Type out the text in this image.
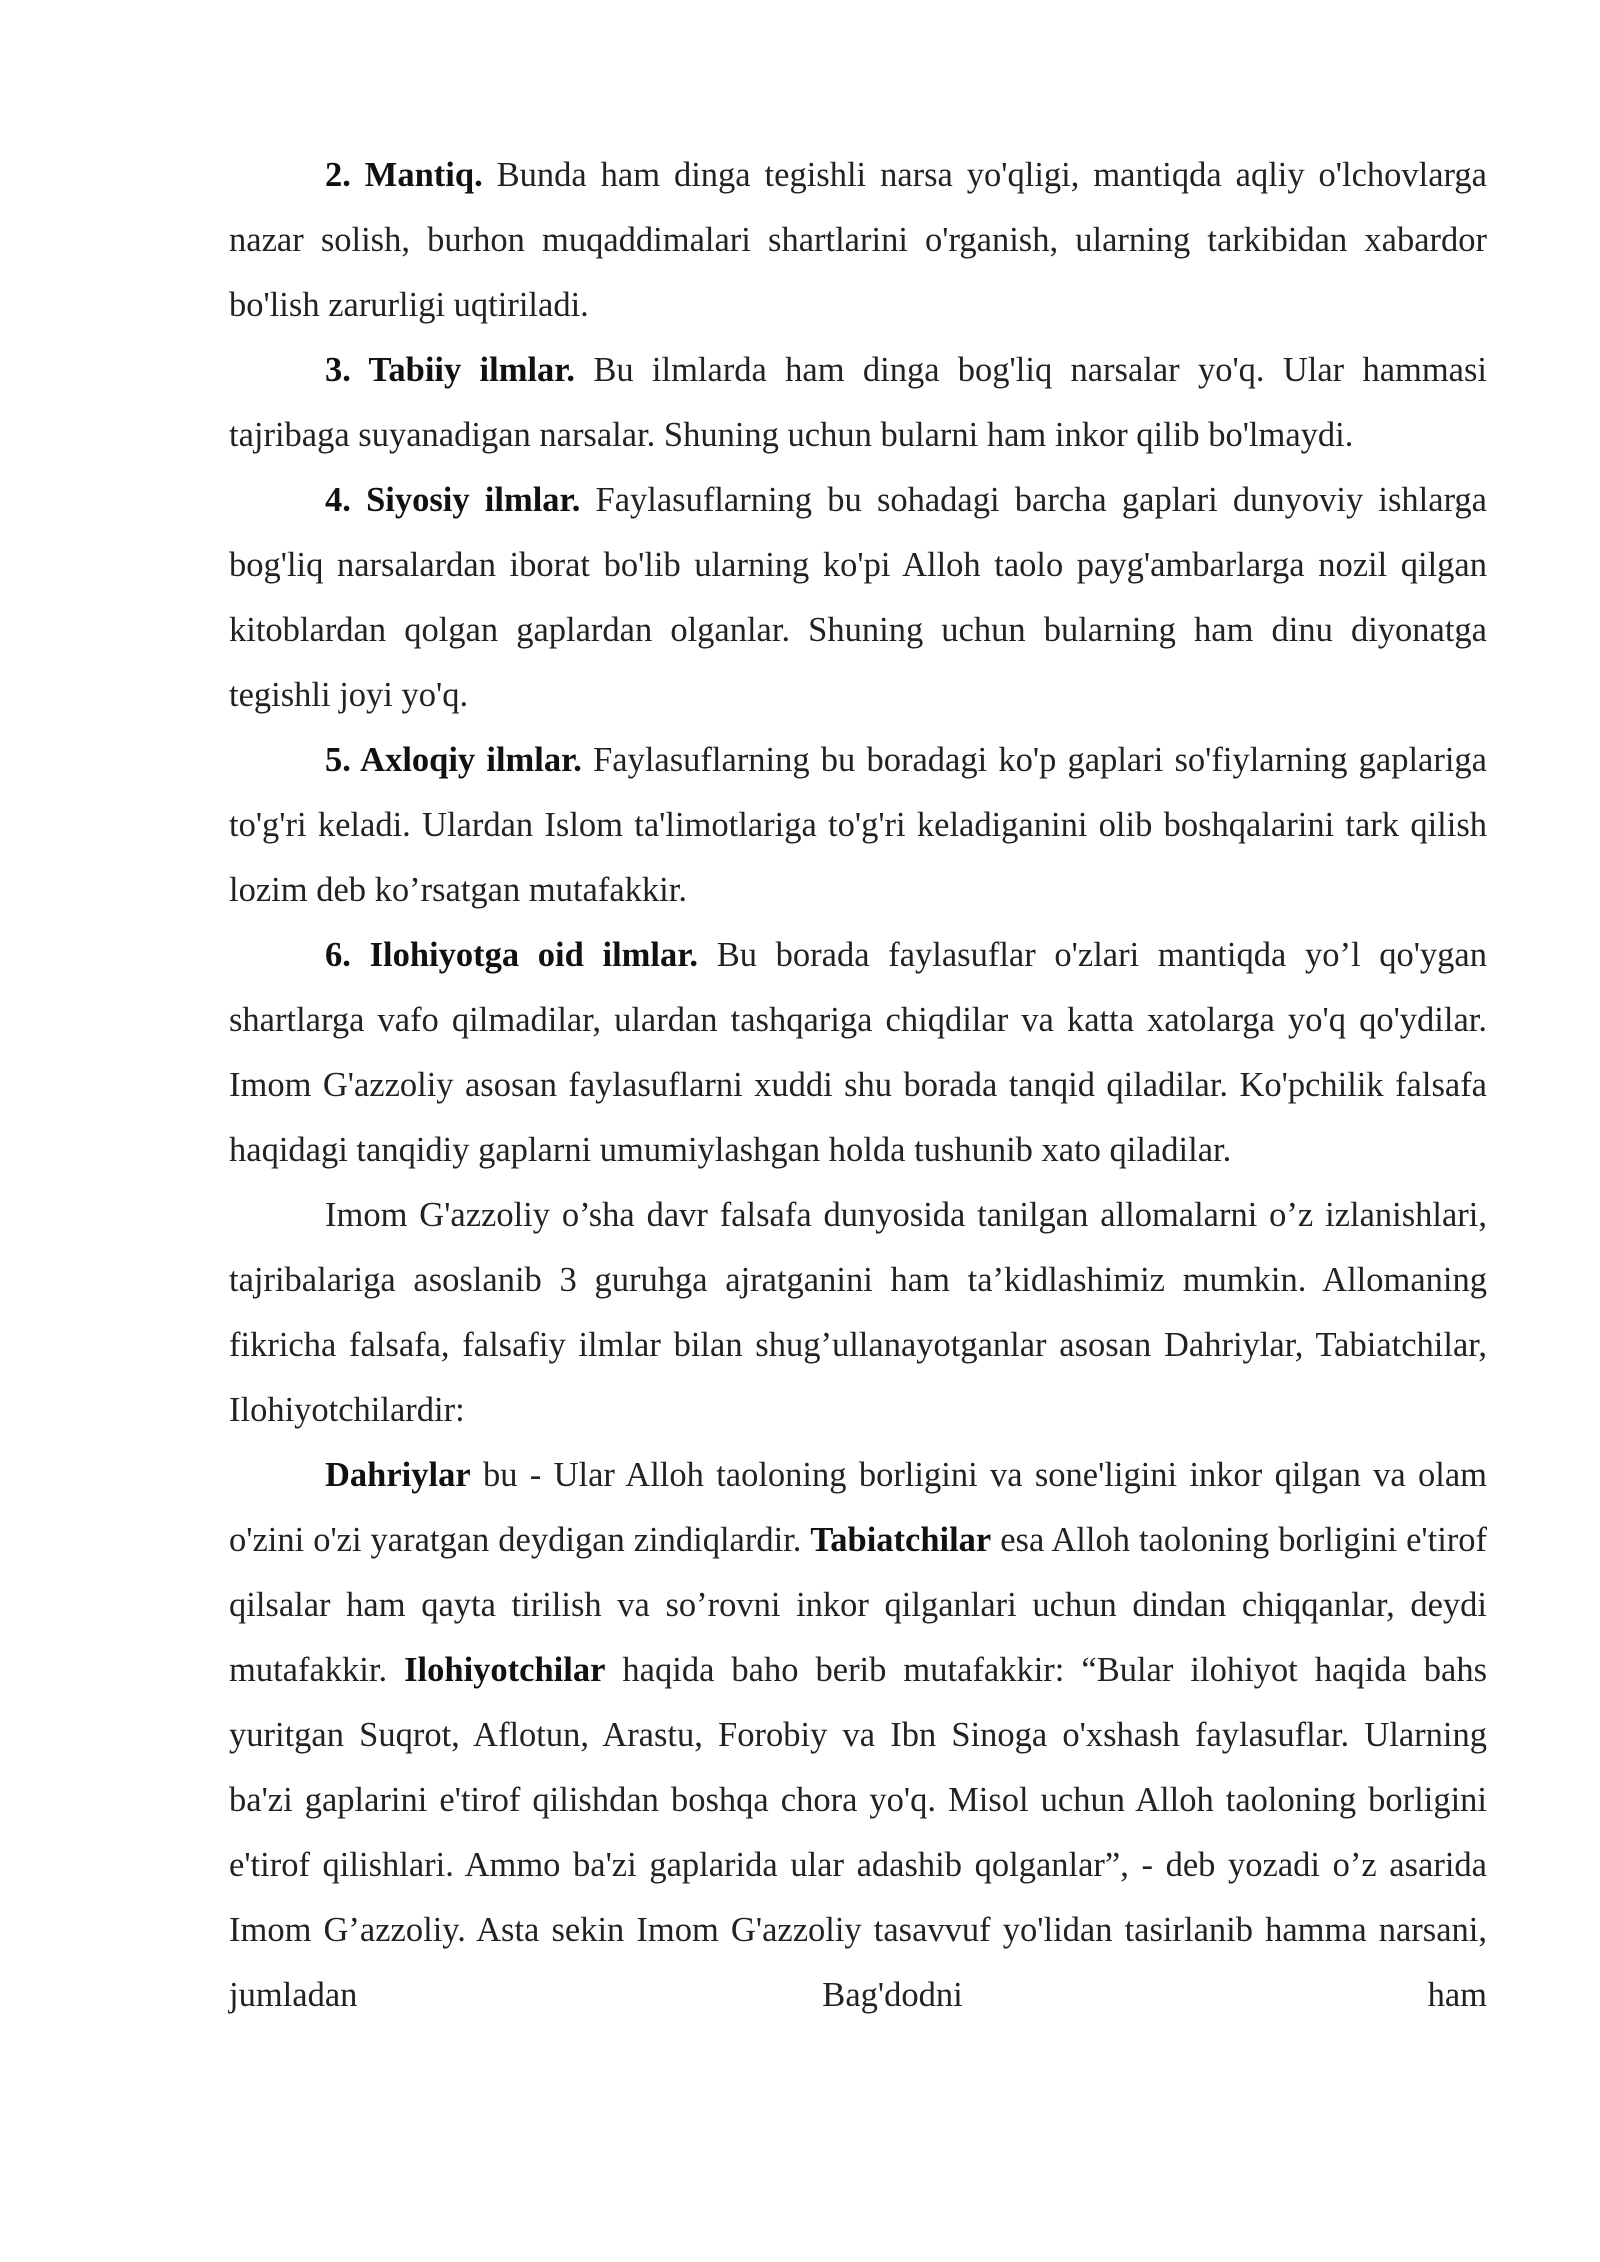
2. Mantiq. Bunda ham dinga tegishli narsa yo'qligi, mantiqda aqliy o'lchovlarga nazar solish, burhon muqaddimalari shartlarini o'rganish, ularning tarkibidan xabardor bo'lish zarurligi uqtiriladi.

3. Tabiiy ilmlar. Bu ilmlarda ham dinga bog'liq narsalar yo'q. Ular hammasi tajribaga suyanadigan narsalar. Shuning uchun bularni ham inkor qilib bo'lmaydi.

4. Siyosiy ilmlar. Faylasuflarning bu sohadagi barcha gaplari dunyoviy ishlarga bog'liq narsalardan iborat bo'lib ularning ko'pi Alloh taolo payg'ambarlarga nozil qilgan kitoblardan qolgan gaplardan olganlar. Shuning uchun bularning ham dinu diyonatga tegishli joyi yo'q.

5. Axloqiy ilmlar. Faylasuflarning bu boradagi ko'p gaplari so'fiylarning gaplariga to'g'ri keladi. Ulardan Islom ta'limotlariga to'g'ri keladiganini olib boshqalarini tark qilish lozim deb ko’rsatgan mutafakkir.

6. Ilohiyotga oid ilmlar. Bu borada faylasuflar o'zlari mantiqda yo’l qo'ygan shartlarga vafo qilmadilar, ulardan tashqariga chiqdilar va katta xatolarga yo'q qo'ydilar. Imom G'azzoliy asosan faylasuflarni xuddi shu borada tanqid qiladilar. Ko'pchilik falsafa haqidagi tanqidiy gaplarni umumiylashgan holda tushunib xato qiladilar.

Imom G'azzoliy o’sha davr falsafa dunyosida tanilgan allomalarni o’z izlanishlari, tajribalariga asoslanib 3 guruhga ajratganini ham ta’kidlashimiz mumkin. Allomaning fikricha falsafa, falsafiy ilmlar bilan shug’ullanayotganlar asosan Dahriylar, Tabiatchilar, Ilohiyotchilardir:

Dahriylar bu - Ular Alloh taoloning borligini va sone'ligini inkor qilgan va olam o'zini o'zi yaratgan deydigan zindiqlardir. Tabiatchilar esa Alloh taoloning borligini e'tirof qilsalar ham qayta tirilish va so’rovni inkor qilganlari uchun dindan chiqqanlar, deydi mutafakkir. Ilohiyotchilar haqida baho berib mutafakkir: “Bular ilohiyot haqida bahs yuritgan Suqrot, Aflotun, Arastu, Forobiy va Ibn Sinoga o'xshash faylasuflar. Ularning ba'zi gaplarini e'tirof qilishdan boshqa chora yo'q. Misol uchun Alloh taoloning borligini e'tirof qilishlari. Ammo ba'zi gaplarida ular adashib qolganlar”, - deb yozadi o’z asarida Imom G’azzoliy. Asta sekin Imom G'azzoliy tasavvuf yo'lidan tasirlanib hamma narsani, jumladan Bag'dodni ham
